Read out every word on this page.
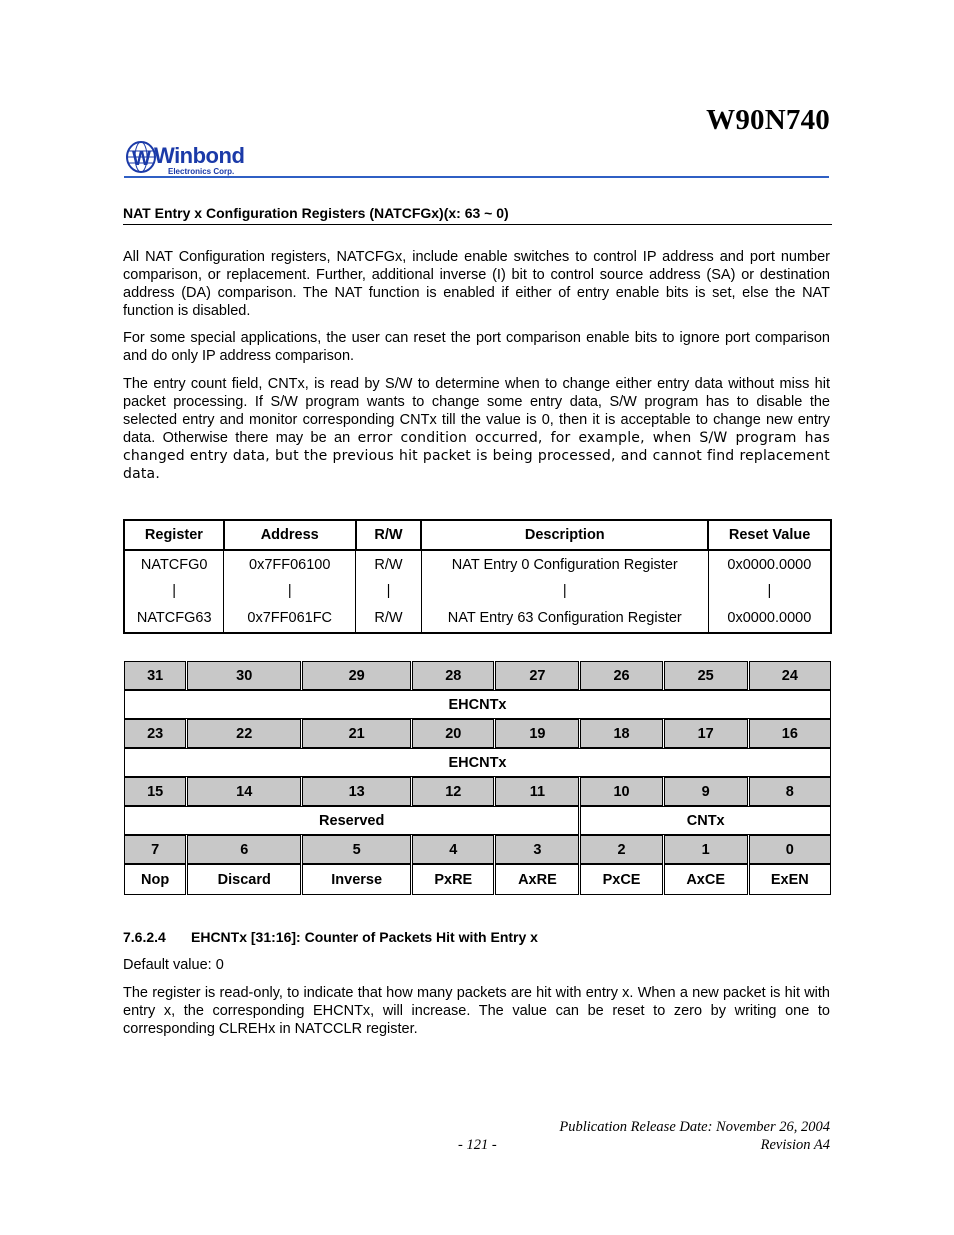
W90N740
W Winbond
Electronics Corp.
NAT Entry x Configuration Registers (NATCFGx)(x: 63 ~ 0)

All NAT Configuration registers, NATCFGx, include enable switches to control IP address and port number comparison, or replacement. Further, additional inverse (I) bit to control source address (SA) or destination address (DA) comparison. The NAT function is enabled if either of entry enable bits is set, else the NAT function is disabled.

For some special applications, the user can reset the port comparison enable bits to ignore port comparison and do only IP address comparison.

The entry count field, CNTx, is read by S/W to determine when to change either entry data without miss hit packet processing. If S/W program wants to change some entry data, S/W program has to disable the selected entry and monitor corresponding CNTx till the value is 0, then it is acceptable to change new entry data. Otherwise there may be an error condition occurred, for example, when S/W program has changed entry data, but the previous hit packet is being processed, and cannot find replacement data.

Register	Address	R/W	Description	Reset Value
NATCFG0	0x7FF06100	R/W	NAT Entry 0 Configuration Register	0x0000.0000
|	|	|	|	|
NATCFG63	0x7FF061FC	R/W	NAT Entry 63 Configuration Register	0x0000.0000
31	30	29	28	27	26	25	24
EHCNTx							
23	22	21	20	19	18	17	16
EHCNTx							
15	14	13	12	11	10	9	8
Reserved					CNTx		
7	6	5	4	3	2	1	0
Nop	Discard	Inverse	PxRE	AxRE	PxCE	AxCE	ExEN
7.6.2.4 EHCNTx [31:16]: Counter of Packets Hit with Entry x

Default value: 0

The register is read-only, to indicate that how many packets are hit with entry x. When a new packet is hit with entry x, the corresponding EHCNTx, will increase. The value can be reset to zero by writing one to corresponding CLREHx in NATCCLR register.

Publication Release Date: November 26, 2004
- 121 -	Revision A4
